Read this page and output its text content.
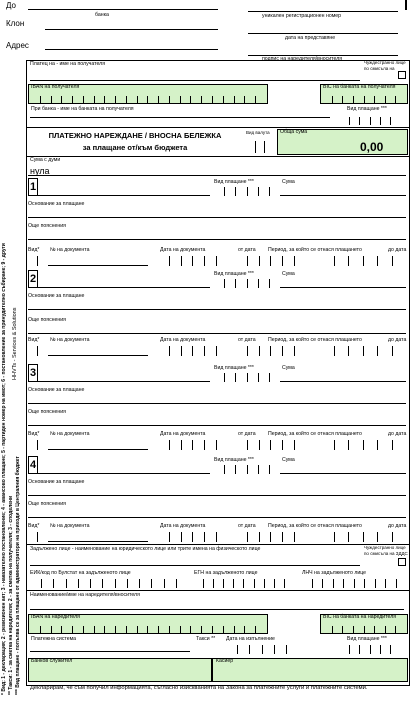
До
банка
Клон
Адрес
уникален регистрационен номер
дата на представяне
подпис на наредителя/вносителя
HHVTs - Services & Solutions
* Вид: 1 - декларация; 2 - ревизионен акт; 3 - наказателно постановление; 4 - авансово плащане; 5 - партиден номер на имот; 6 - постановление за принудително събиране; 9 - други ** Такси: 1 - за сметка на наредителя; 2 - за сметка на получателя; 3 - споделени *** Вид плащане - попълва се за плащане от администратори на приходи в Централния бюджет
Платец на - име на получателя	Чуждестранно лице
по смисъла на
IBAN на получателя	BIC на банката на получателя
При банка - име на банката на получателя	Вид плащане ***
ПЛАТЕЖНО НАРЕЖДАНЕ / ВНОСНА БЕЛЕЖКА
за плащане от/към бюджета
Вид валута Обща сума
0,00
Сума с думи
нула
1	Вид плащане ***	Сума
Основание за плащане
Още пояснения
Вид* № на документа	Дата на документа	от дата Период, за който се отнася плащането	до дата
2	Вид плащане ***	Сума
Основание за плащане
Още пояснения
Вид* № на документа	Дата на документа	от дата Период, за който се отнася плащането	до дата
3	Вид плащане ***	Сума
Основание за плащане
Още пояснения
Вид* № на документа	Дата на документа	от дата Период, за който се отнася плащането	до дата
4	Вид плащане ***	Сума
Основание за плащане
Още пояснения
Вид* № на документа	Дата на документа	от дата Период, за който се отнася плащането	до дата
Задължено лице - наименование на юридическото лице или трите имена на физическото лице	Чуждестранно лице
по смисъла на ЗДДС
ЕИК/код по Булстат на задълженото лице	ЕГН на задълженото лице	ЛНЧ на задълженото лице
Наименование/име на наредителя/вносителя
IBAN на наредителя	BIC на банката на наредителя
Платежна система	Такси ** Дата на изпълнение	Вид плащане ***
Банков служител	Касиер
Декларирам, че съм получил информацията, съгласно изискванията на Закона за платежните услуги и платежните системи.
